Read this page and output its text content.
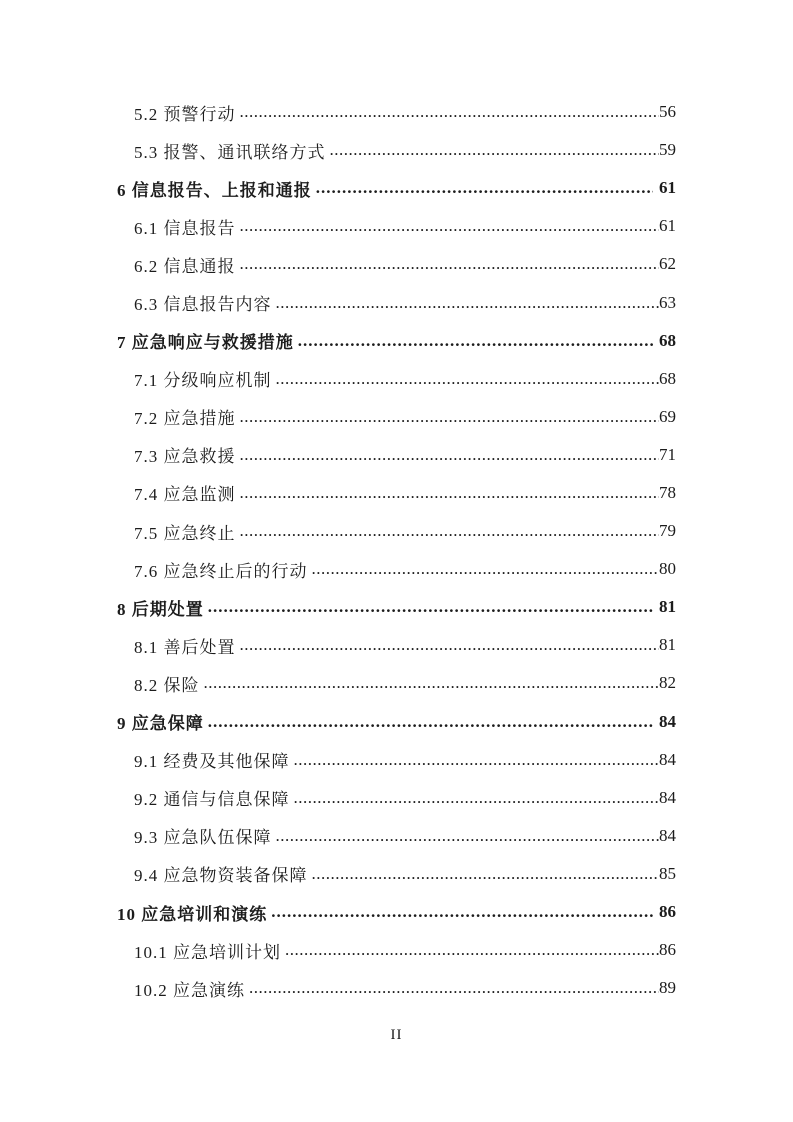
5.2 预警行动 .....	56
5.3 报警、通讯联络方式 .....	59
6 信息报告、上报和通报 .....	61
6.1 信息报告 .....	61
6.2 信息通报 .....	62
6.3 信息报告内容 .....	63
7 应急响应与救援措施 .....	68
7.1 分级响应机制 .....	68
7.2 应急措施 .....	69
7.3 应急救援 .....	71
7.4 应急监测 .....	78
7.5 应急终止 .....	79
7.6 应急终止后的行动 .....	80
8 后期处置 .....	81
8.1 善后处置 .....	81
8.2 保险 .....	82
9 应急保障 .....	84
9.1 经费及其他保障 .....	84
9.2 通信与信息保障 .....	84
9.3 应急队伍保障 .....	84
9.4 应急物资装备保障 .....	85
10 应急培训和演练 .....	86
10.1 应急培训计划 .....	86
10.2 应急演练 .....	89
II
